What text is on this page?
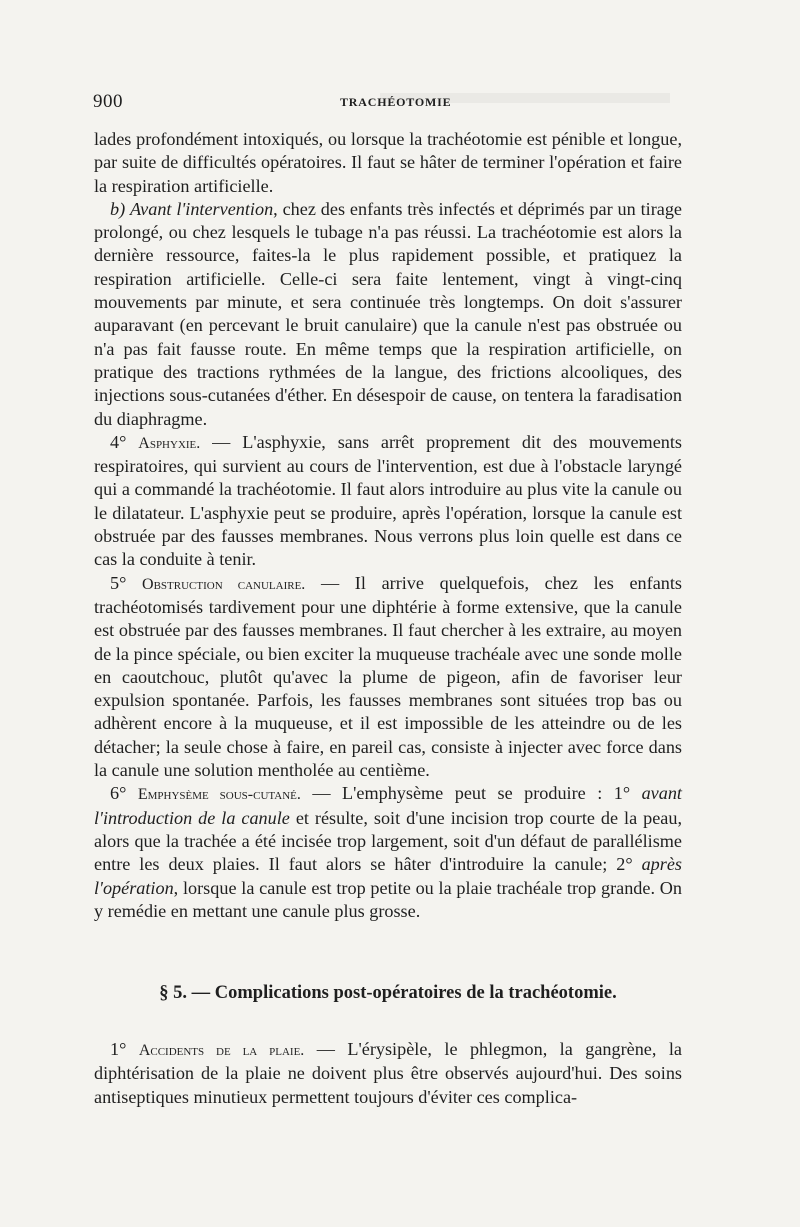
900	TRACHÉOTOMIE

lades profondément intoxiqués, ou lorsque la trachéotomie est pénible et longue, par suite de difficultés opératoires. Il faut se hâter de terminer l'opération et faire la respiration artificielle.

b) Avant l'intervention, chez des enfants très infectés et déprimés par un tirage prolongé, ou chez lesquels le tubage n'a pas réussi. La trachéotomie est alors la dernière ressource, faites-la le plus rapidement possible, et pratiquez la respiration artificielle. Celle-ci sera faite lentement, vingt à vingt-cinq mouvements par minute, et sera continuée très longtemps. On doit s'assurer auparavant (en percevant le bruit canulaire) que la canule n'est pas obstruée ou n'a pas fait fausse route. En même temps que la respiration artificielle, on pratique des tractions rythmées de la langue, des frictions alcooliques, des injections sous-cutanées d'éther. En désespoir de cause, on tentera la faradisation du diaphragme.

4° Asphyxie. — L'asphyxie, sans arrêt proprement dit des mouvements respiratoires, qui survient au cours de l'intervention, est due à l'obstacle laryngé qui a commandé la trachéotomie. Il faut alors introduire au plus vite la canule ou le dilatateur. L'asphyxie peut se produire, après l'opération, lorsque la canule est obstruée par des fausses membranes. Nous verrons plus loin quelle est dans ce cas la conduite à tenir.

5° Obstruction canulaire. — Il arrive quelquefois, chez les enfants trachéotomisés tardivement pour une diphtérie à forme extensive, que la canule est obstruée par des fausses membranes. Il faut chercher à les extraire, au moyen de la pince spéciale, ou bien exciter la muqueuse trachéale avec une sonde molle en caoutchouc, plutôt qu'avec la plume de pigeon, afin de favoriser leur expulsion spontanée. Parfois, les fausses membranes sont situées trop bas ou adhèrent encore à la muqueuse, et il est impossible de les atteindre ou de les détacher; la seule chose à faire, en pareil cas, consiste à injecter avec force dans la canule une solution mentholée au centième.

6° Emphysème sous-cutané. — L'emphysème peut se produire : 1° avant l'introduction de la canule et résulte, soit d'une incision trop courte de la peau, alors que la trachée a été incisée trop largement, soit d'un défaut de parallélisme entre les deux plaies. Il faut alors se hâter d'introduire la canule; 2° après l'opération, lorsque la canule est trop petite ou la plaie trachéale trop grande. On y remédie en mettant une canule plus grosse.

§ 5. — Complications post-opératoires de la trachéotomie.

1° Accidents de la plaie. — L'érysipèle, le phlegmon, la gangrène, la diphtérisation de la plaie ne doivent plus être observés aujourd'hui. Des soins antiseptiques minutieux permettent toujours d'éviter ces complica-
